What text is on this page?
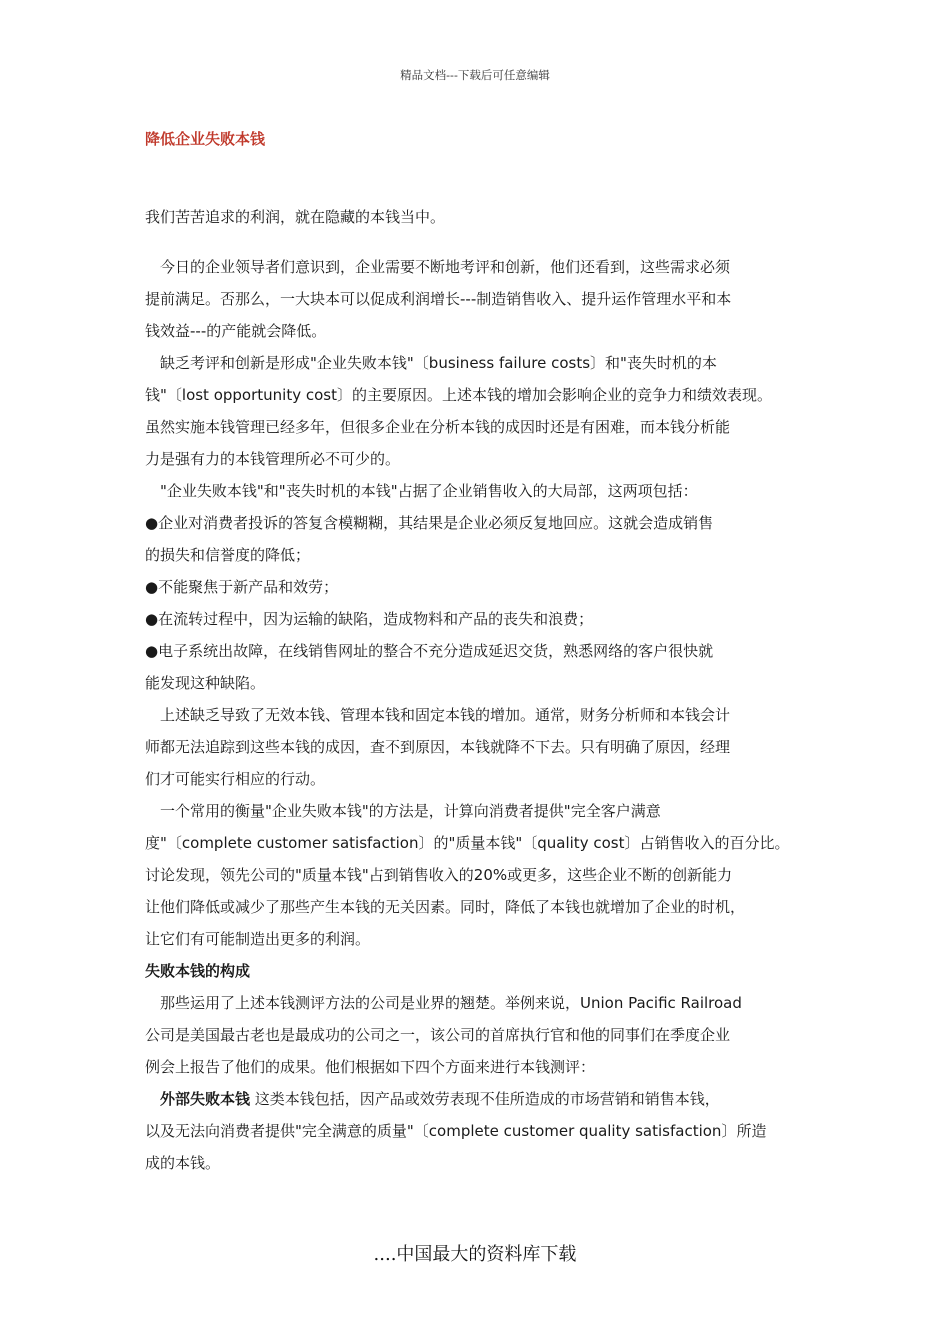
精品文档---下载后可任意编辑
降低企业失败本钱
我们苦苦追求的利润，就在隐藏的本钱当中。
　今日的企业领导者们意识到，企业需要不断地考评和创新，他们还看到，这些需求必须
提前满足。否那么，一大块本可以促成利润增长---制造销售收入、提升运作管理水平和本
钱效益---的产能就会降低。
　缺乏考评和创新是形成"企业失败本钱"〔business failure costs〕和"丧失时机的本
钱"〔lost opportunity cost〕的主要原因。上述本钱的增加会影响企业的竞争力和绩效表现。
虽然实施本钱管理已经多年，但很多企业在分析本钱的成因时还是有困难，而本钱分析能
力是强有力的本钱管理所必不可少的。
　"企业失败本钱"和"丧失时机的本钱"占据了企业销售收入的大局部，这两项包括：
●企业对消费者投诉的答复含模糊糊，其结果是企业必须反复地回应。这就会造成销售
的损失和信誉度的降低；
●不能聚焦于新产品和效劳；
●在流转过程中，因为运输的缺陷，造成物料和产品的丧失和浪费；
●电子系统出故障，在线销售网址的整合不充分造成延迟交货，熟悉网络的客户很快就
能发现这种缺陷。
　上述缺乏导致了无效本钱、管理本钱和固定本钱的增加。通常，财务分析师和本钱会计
师都无法追踪到这些本钱的成因，查不到原因，本钱就降不下去。只有明确了原因，经理
们才可能实行相应的行动。
　一个常用的衡量"企业失败本钱"的方法是，计算向消费者提供"完全客户满意
度"〔complete customer satisfaction〕的"质量本钱"〔quality cost〕占销售收入的百分比。
讨论发现，领先公司的"质量本钱"占到销售收入的20%或更多，这些企业不断的创新能力
让他们降低或减少了那些产生本钱的无关因素。同时，降低了本钱也就增加了企业的时机，
让它们有可能制造出更多的利润。
失败本钱的构成
　那些运用了上述本钱测评方法的公司是业界的翘楚。举例来说，Union Pacific Railroad
公司是美国最古老也是最成功的公司之一，该公司的首席执行官和他的同事们在季度企业
例会上报告了他们的成果。他们根据如下四个方面来进行本钱测评：
　外部失败本钱 这类本钱包括，因产品或效劳表现不佳所造成的市场营销和销售本钱，
以及无法向消费者提供"完全满意的质量"〔complete customer quality satisfaction〕所造
成的本钱。
....中国最大的资料库下载
